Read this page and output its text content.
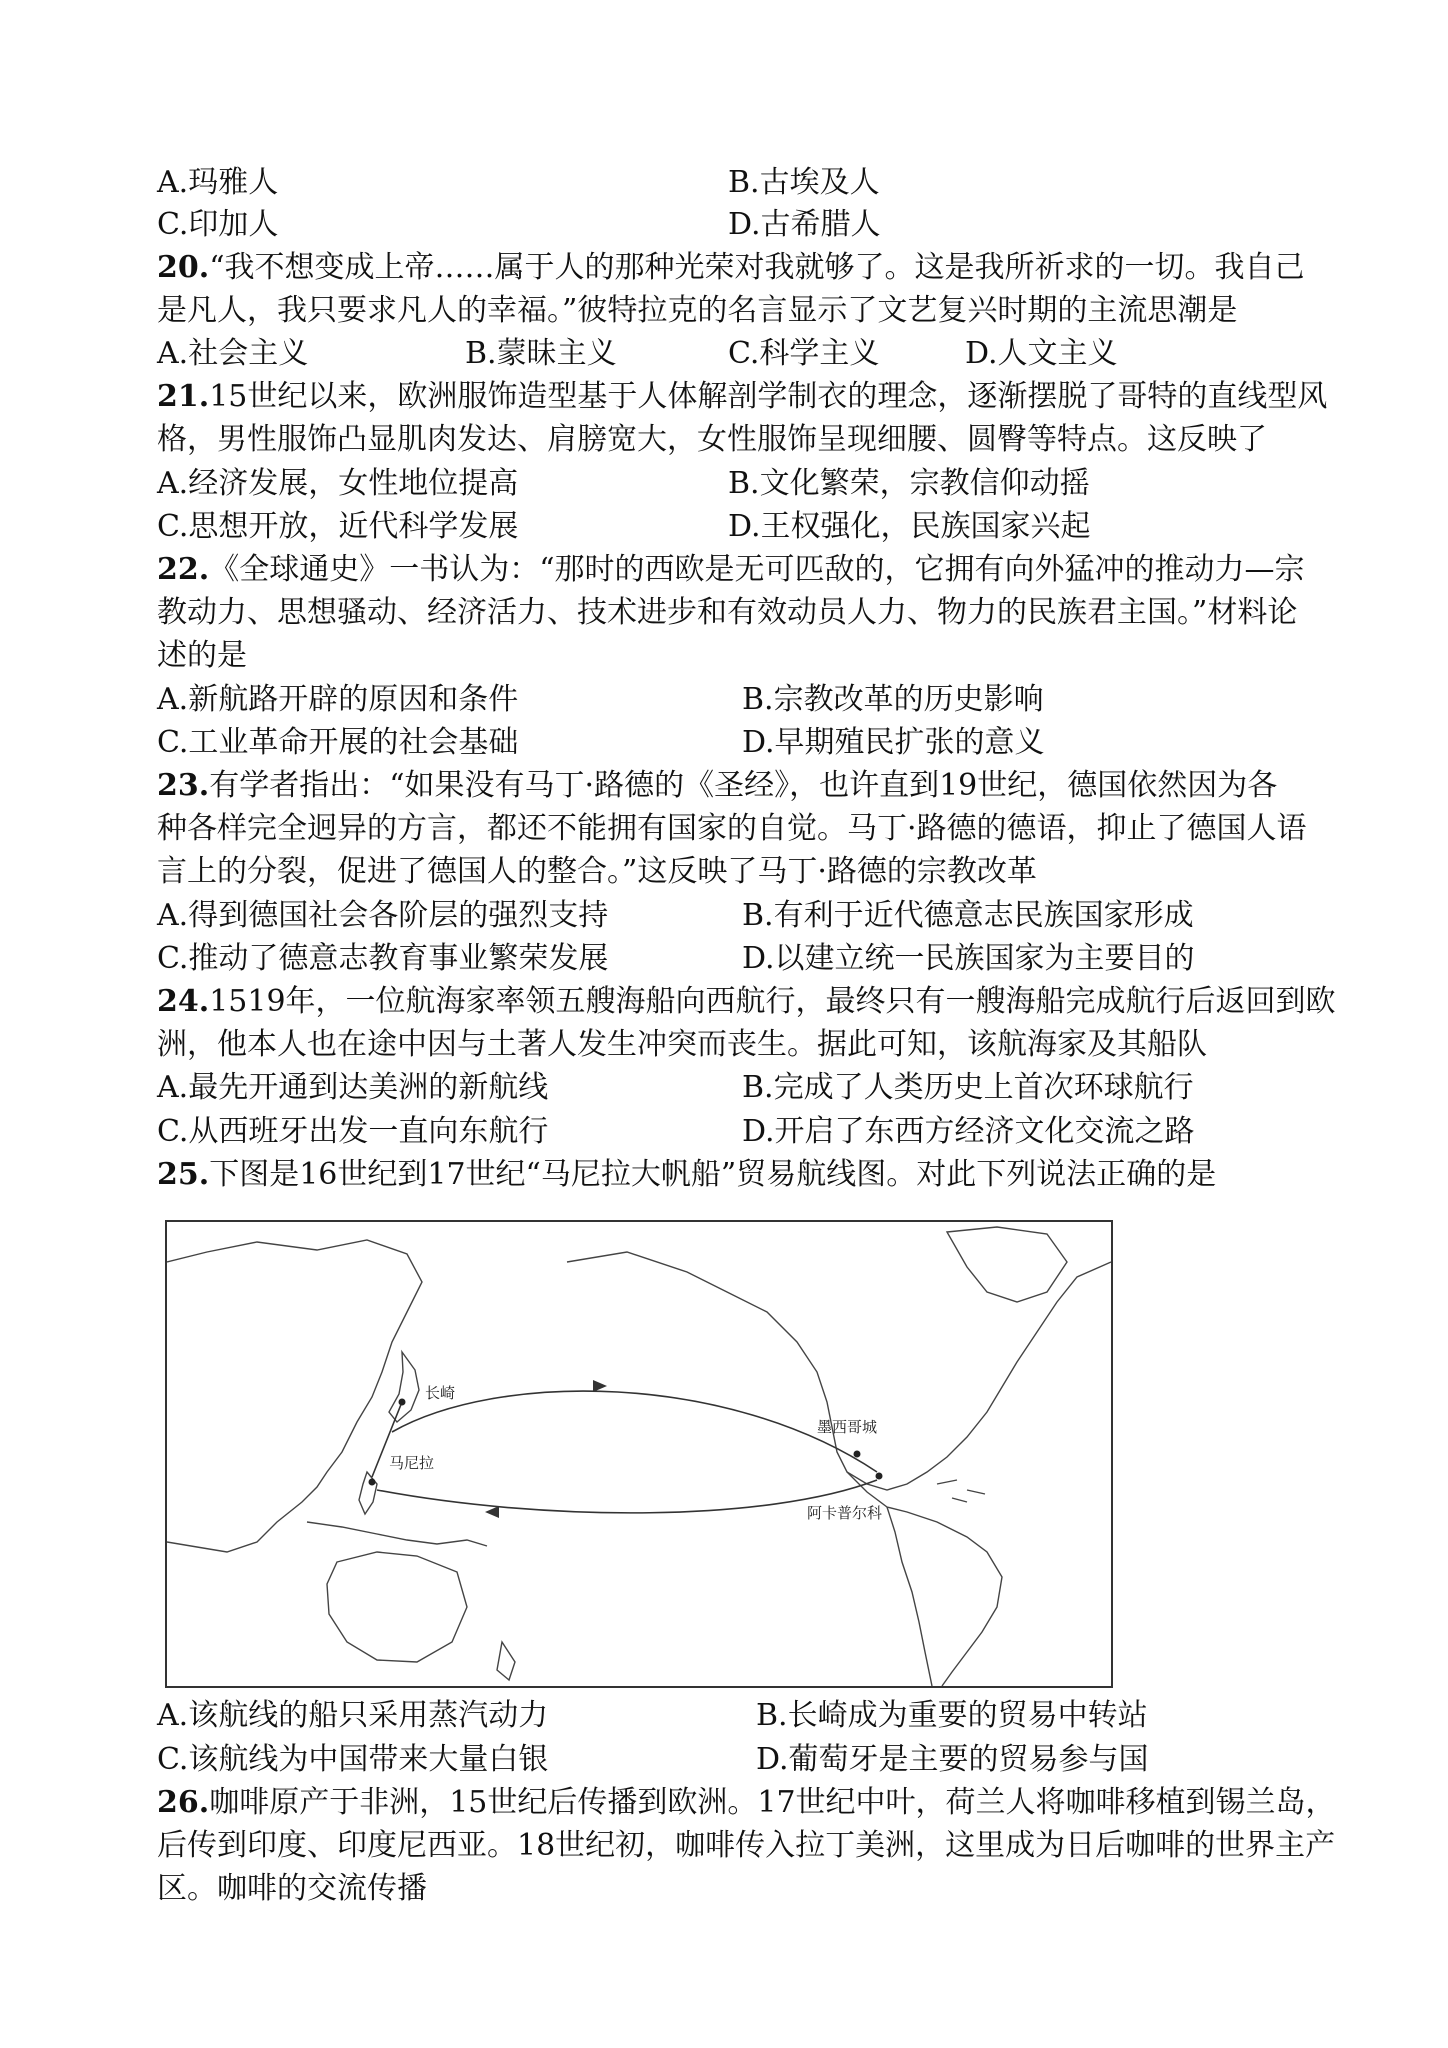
A.玛雅人	B.古埃及人
C.印加人	D.古希腊人
20.“我不想变成上帝……属于人的那种光荣对我就够了。这是我所祈求的一切。我自己
是凡人，我只要求凡人的幸福。”彼特拉克的名言显示了文艺复兴时期的主流思潮是
A.社会主义	B.蒙昧主义	C.科学主义	D.人文主义
21.15世纪以来，欧洲服饰造型基于人体解剖学制衣的理念，逐渐摆脱了哥特的直线型风
格，男性服饰凸显肌肉发达、肩膀宽大，女性服饰呈现细腰、圆臀等特点。这反映了
A.经济发展，女性地位提高	B.文化繁荣，宗教信仰动摇
C.思想开放，近代科学发展	D.王权强化，民族国家兴起
22.《全球通史》一书认为：“那时的西欧是无可匹敌的，它拥有向外猛冲的推动力—宗
教动力、思想骚动、经济活力、技术进步和有效动员人力、物力的民族君主国。”材料论
述的是
A.新航路开辟的原因和条件	B.宗教改革的历史影响
C.工业革命开展的社会基础	D.早期殖民扩张的意义
23.有学者指出：“如果没有马丁·路德的《圣经》，也许直到19世纪，德国依然因为各
种各样完全迥异的方言，都还不能拥有国家的自觉。马丁·路德的德语，抑止了德国人语
言上的分裂，促进了德国人的整合。”这反映了马丁·路德的宗教改革
A.得到德国社会各阶层的强烈支持	B.有利于近代德意志民族国家形成
C.推动了德意志教育事业繁荣发展	D.以建立统一民族国家为主要目的
24.1519年，一位航海家率领五艘海船向西航行，最终只有一艘海船完成航行后返回到欧
洲，他本人也在途中因与土著人发生冲突而丧生。据此可知，该航海家及其船队
A.最先开通到达美洲的新航线	B.完成了人类历史上首次环球航行
C.从西班牙出发一直向东航行	D.开启了东西方经济文化交流之路
25.下图是16世纪到17世纪“马尼拉大帆船”贸易航线图。对此下列说法正确的是
长崎
马尼拉
墨西哥城
阿卡普尔科
A.该航线的船只采用蒸汽动力	B.长崎成为重要的贸易中转站
C.该航线为中国带来大量白银	D.葡萄牙是主要的贸易参与国
26.咖啡原产于非洲，15世纪后传播到欧洲。17世纪中叶，荷兰人将咖啡移植到锡兰岛，
后传到印度、印度尼西亚。18世纪初，咖啡传入拉丁美洲，这里成为日后咖啡的世界主产
区。咖啡的交流传播
